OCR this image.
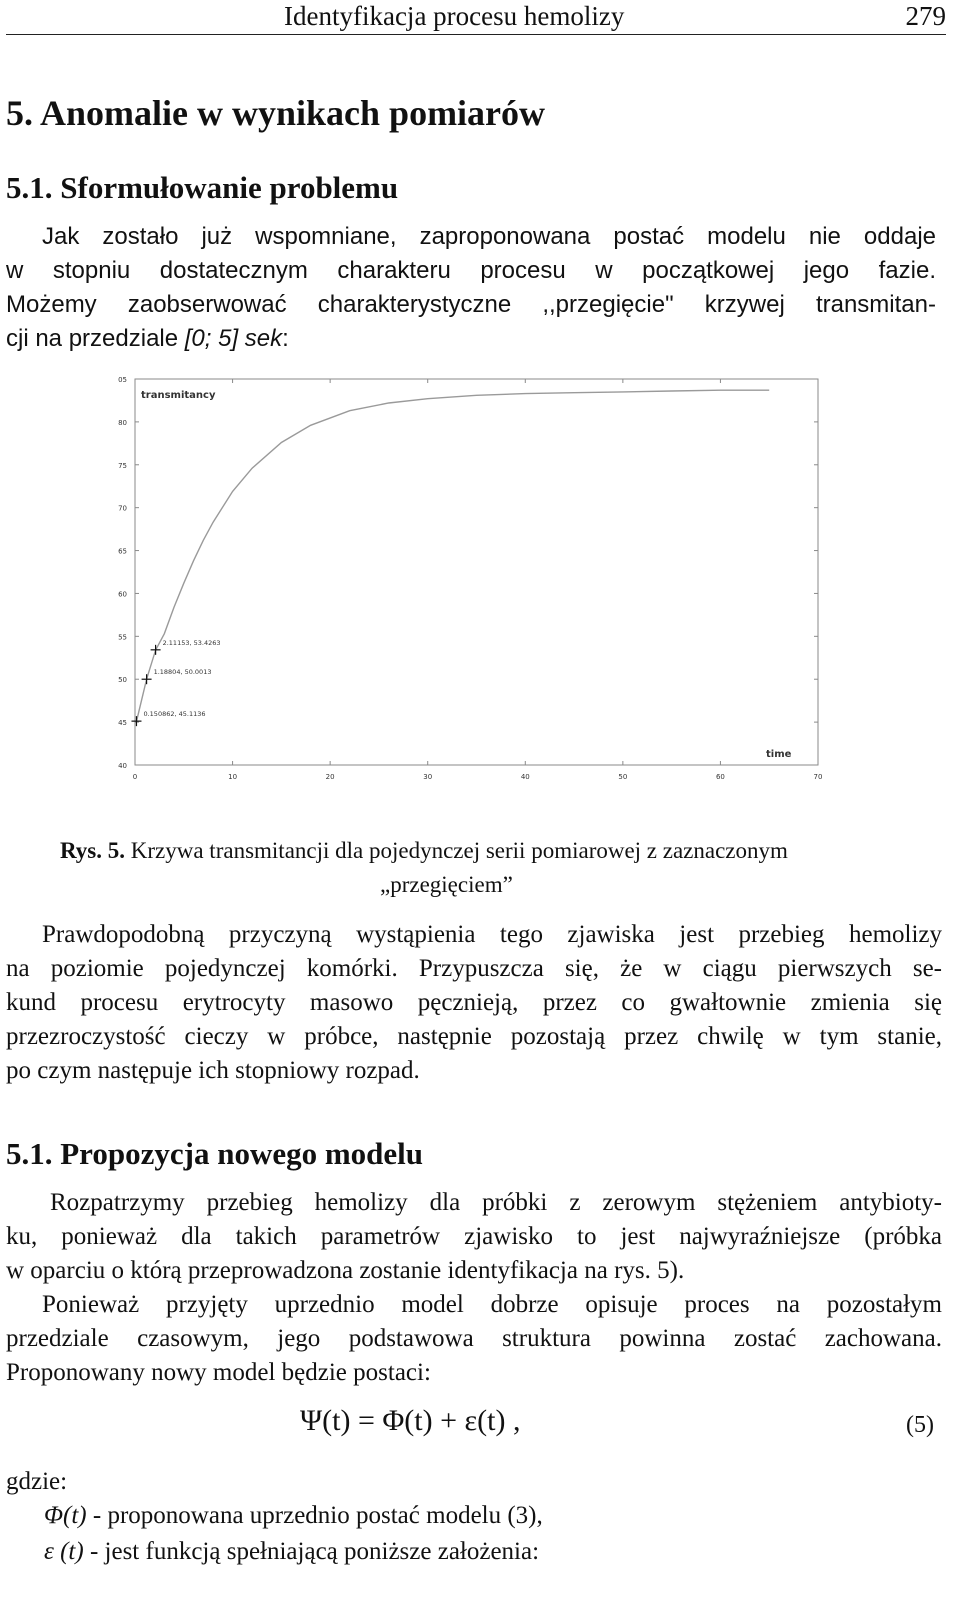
Identyfikacja procesu hemolizy	279
5. Anomalie w wynikach pomiarów
5.1. Sformułowanie problemu
Jak zostało już wspomniane, zaproponowana postać modelu nie oddaje
w stopniu dostatecznym charakteru procesu w początkowej jego fazie.
Możemy zaobserwować charakterystyczne ,,przegięcie" krzywej transmitan-
cji na przedziale [0; 5] sek:
40
45
50
55
60
65
70
75
80
05
0	10	20	30	40	50	60	70
transmitancy
time
0.150862, 45.1136
1.18804, 50.0013
2.11153, 53.4263
Rys. 5. Krzywa transmitancji dla pojedynczej serii pomiarowej z zaznaczonym
„przegięciem”
Prawdopodobną przyczyną wystąpienia tego zjawiska jest przebieg hemolizy
na poziomie pojedynczej komórki. Przypuszcza się, że w ciągu pierwszych se-
kund procesu erytrocyty masowo pęcznieją, przez co gwałtownie zmienia się
przezroczystość cieczy w próbce, następnie pozostają przez chwilę w tym stanie,
po czym następuje ich stopniowy rozpad.
5.1. Propozycja nowego modelu
Rozpatrzymy przebieg hemolizy dla próbki z zerowym stężeniem antybioty-
ku, ponieważ dla takich parametrów zjawisko to jest najwyraźniejsze (próbka
w oparciu o którą przeprowadzona zostanie identyfikacja na rys. 5).
Ponieważ przyjęty uprzednio model dobrze opisuje proces na pozostałym
przedziale czasowym, jego podstawowa struktura powinna zostać zachowana.
Proponowany nowy model będzie postaci:
Ψ(t) = Φ(t) + ε(t) ,	(5)
gdzie:
Φ(t) - proponowana uprzednio postać modelu (3),
ε (t) - jest funkcją spełniającą poniższe założenia:
